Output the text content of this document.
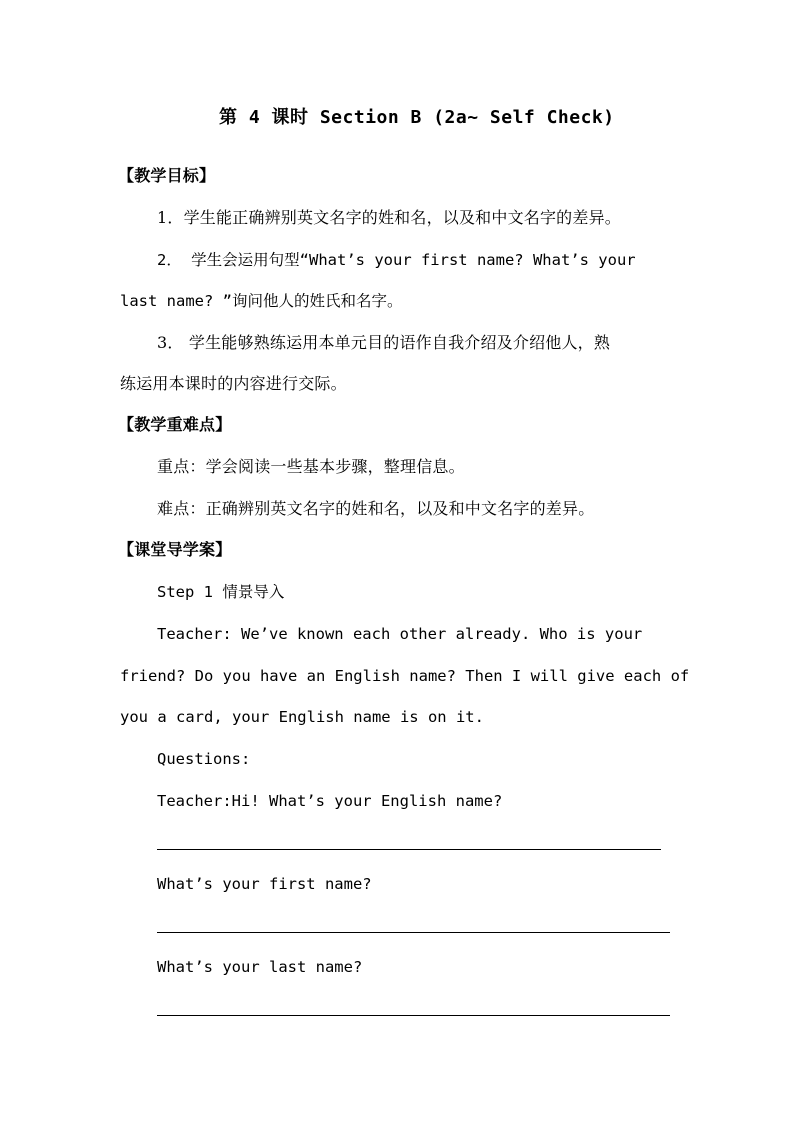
第 4 课时 Section B (2a~ Self Check)
【教学目标】
1．学生能正确辨别英文名字的姓和名，以及和中文名字的差异。
2． 学生会运用句型“What’s your first name? What’s your
last name? ”询问他人的姓氏和名字。
3． 学生能够熟练运用本单元目的语作自我介绍及介绍他人，熟
练运用本课时的内容进行交际。
【教学重难点】
重点：学会阅读一些基本步骤，整理信息。
难点：正确辨别英文名字的姓和名，以及和中文名字的差异。
【课堂导学案】
Step 1 情景导入
Teacher: We’ve known each other already. Who is your
friend? Do you have an English name? Then I will give each of
you a card, your English name is on it.
Questions:
Teacher:Hi! What’s your English name?
What’s your first name?
What’s your last name?
